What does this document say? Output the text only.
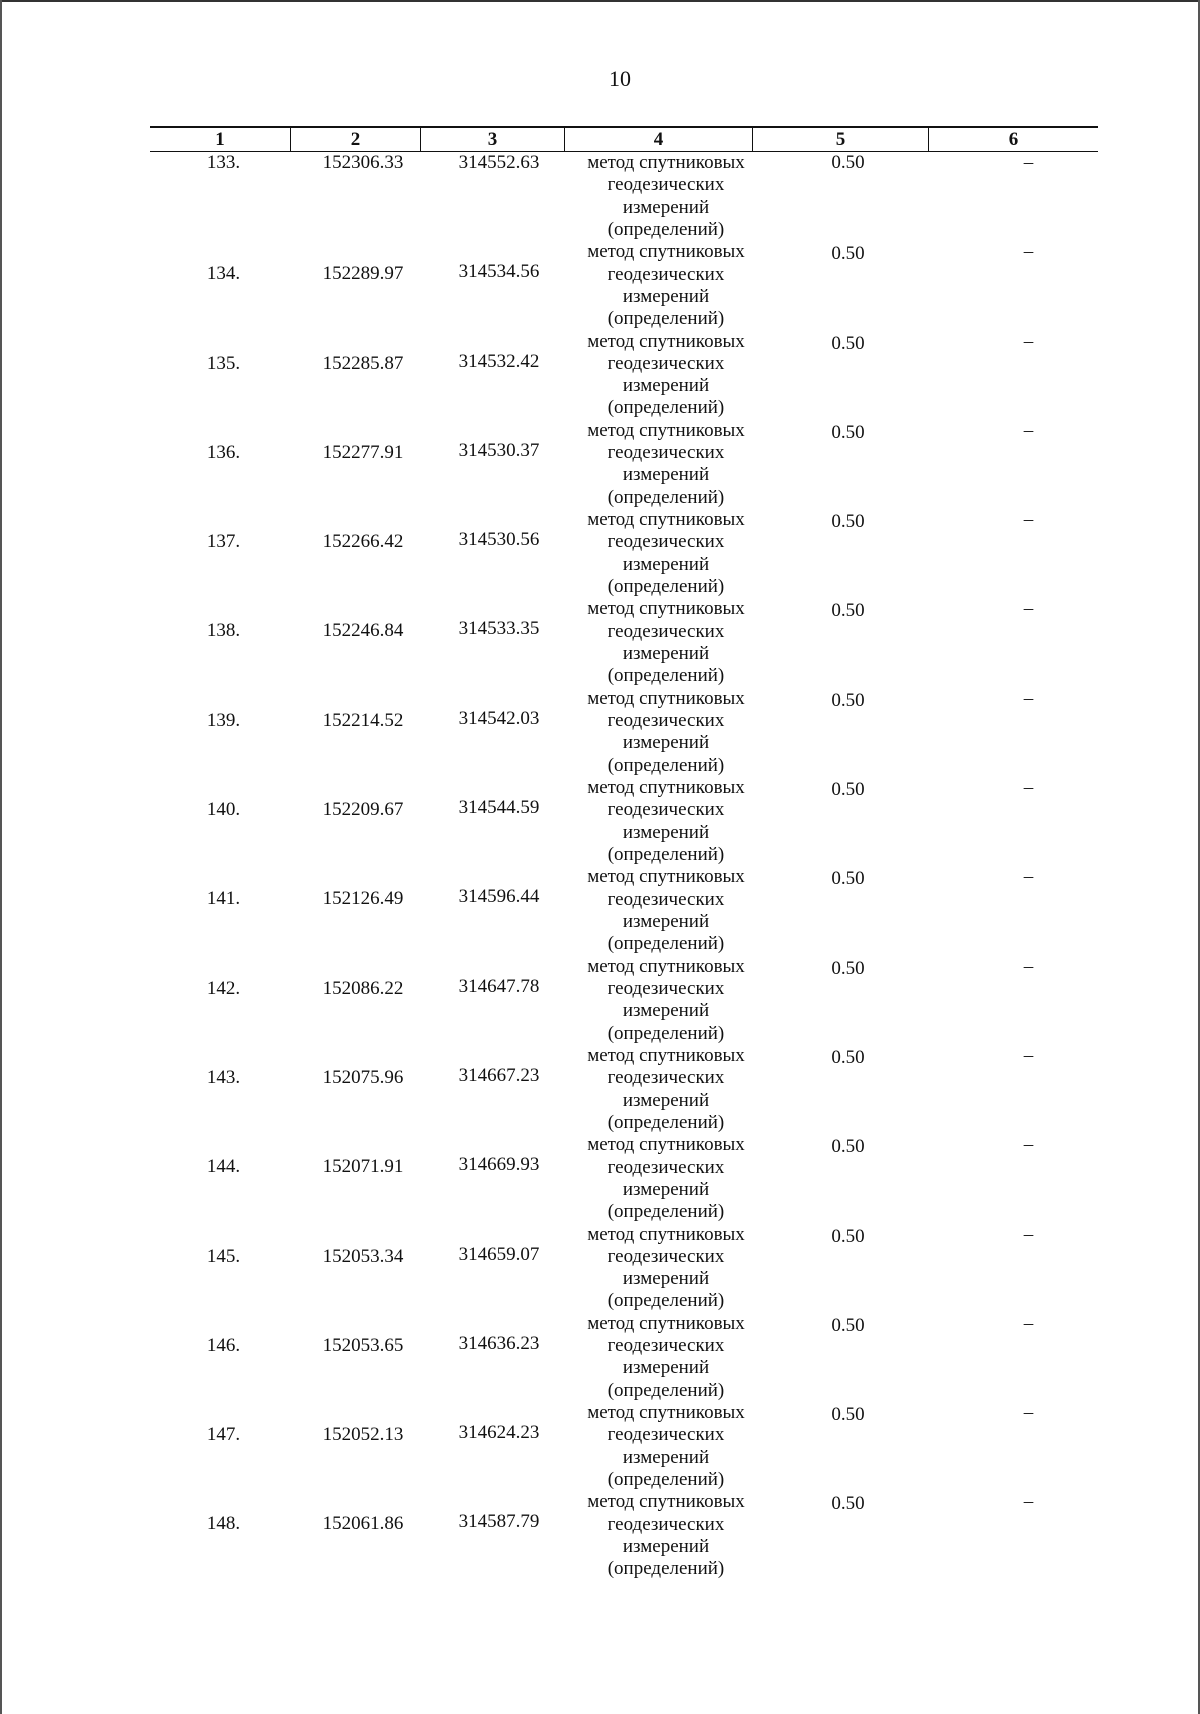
10
1	2	3	4	5	6
133.	152306.33	314552.63	метод спутниковых
геодезических
измерений
(определений)
0.50	–
134.	152289.97	314534.56
метод спутниковых
геодезических
измерений
(определений)
0.50	–
135.	152285.87	314532.42
метод спутниковых
геодезических
измерений
(определений)
0.50	–
136.	152277.91	314530.37
метод спутниковых
геодезических
измерений
(определений)
0.50	–
137.	152266.42	314530.56
метод спутниковых
геодезических
измерений
(определений)
0.50	–
138.	152246.84	314533.35
метод спутниковых
геодезических
измерений
(определений)
0.50	–
139.	152214.52	314542.03
метод спутниковых
геодезических
измерений
(определений)
0.50	–
140.	152209.67	314544.59
метод спутниковых
геодезических
измерений
(определений)
0.50	–
141.	152126.49	314596.44
метод спутниковых
геодезических
измерений
(определений)
0.50	–
142.	152086.22	314647.78
метод спутниковых
геодезических
измерений
(определений)
0.50	–
143.	152075.96	314667.23
метод спутниковых
геодезических
измерений
(определений)
0.50	–
144.	152071.91	314669.93
метод спутниковых
геодезических
измерений
(определений)
0.50	–
145.	152053.34	314659.07
метод спутниковых
геодезических
измерений
(определений)
0.50	–
146.	152053.65	314636.23
метод спутниковых
геодезических
измерений
(определений)
0.50	–
147.	152052.13	314624.23
метод спутниковых
геодезических
измерений
(определений)
0.50	–
148.	152061.86	314587.79
метод спутниковых
геодезических
измерений
(определений)
0.50	–
